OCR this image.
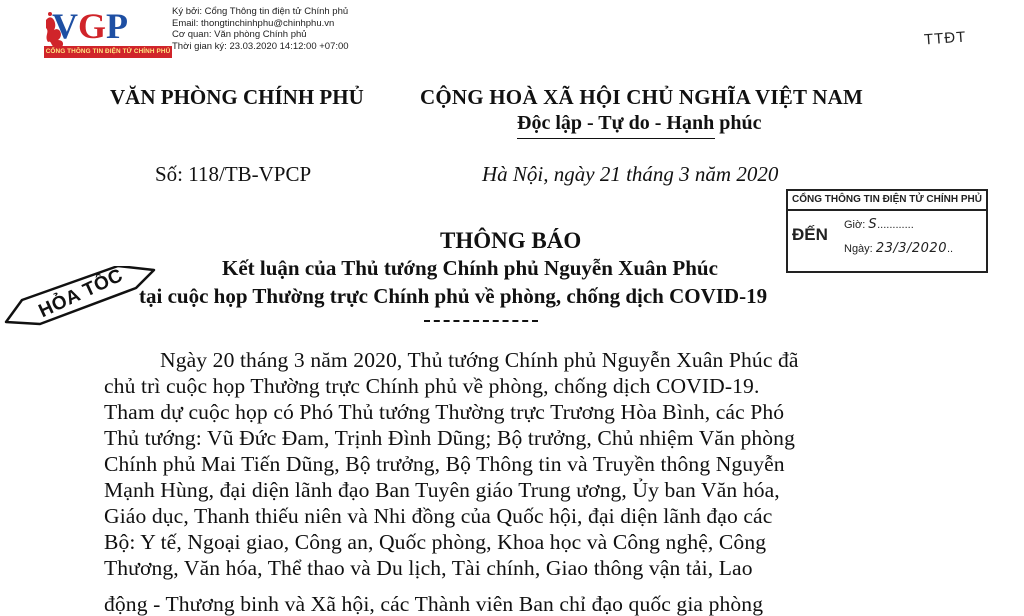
VGP
CỔNG THÔNG TIN ĐIỆN TỬ CHÍNH PHỦ
Ký bởi: Cổng Thông tin điện tử Chính phủ
Email: thongtinchinhphu@chinhphu.vn
Cơ quan: Văn phòng Chính phủ
Thời gian ký: 23.03.2020 14:12:00 +07:00	TTĐT
VĂN PHÒNG CHÍNH PHỦ	CỘNG HOÀ XÃ HỘI CHỦ NGHĨA VIỆT NAM
Độc lập - Tự do - Hạnh phúc
Số: 118/TB-VPCP	Hà Nội, ngày 21 tháng 3 năm 2020
CỔNG THÔNG TIN ĐIỆN TỬ CHÍNH PHỦ
ĐẾN Giờ: S............
Ngày: 23/3/2020..
HỎA TỐC
THÔNG BÁO
Kết luận của Thủ tướng Chính phủ Nguyễn Xuân Phúc
tại cuộc họp Thường trực Chính phủ về phòng, chống dịch COVID-19
Ngày 20 tháng 3 năm 2020, Thủ tướng Chính phủ Nguyễn Xuân Phúc đã
chủ trì cuộc họp Thường trực Chính phủ về phòng, chống dịch COVID-19.
Tham dự cuộc họp có Phó Thủ tướng Thường trực Trương Hòa Bình, các Phó
Thủ tướng: Vũ Đức Đam, Trịnh Đình Dũng; Bộ trưởng, Chủ nhiệm Văn phòng
Chính phủ Mai Tiến Dũng, Bộ trưởng, Bộ Thông tin và Truyền thông Nguyễn
Mạnh Hùng, đại diện lãnh đạo Ban Tuyên giáo Trung ương, Ủy ban Văn hóa,
Giáo dục, Thanh thiếu niên và Nhi đồng của Quốc hội, đại diện lãnh đạo các
Bộ: Y tế, Ngoại giao, Công an, Quốc phòng, Khoa học và Công nghệ, Công
Thương, Văn hóa, Thể thao và Du lịch, Tài chính, Giao thông vận tải, Lao
động - Thương binh và Xã hội, các Thành viên Ban chỉ đạo quốc gia phòng
